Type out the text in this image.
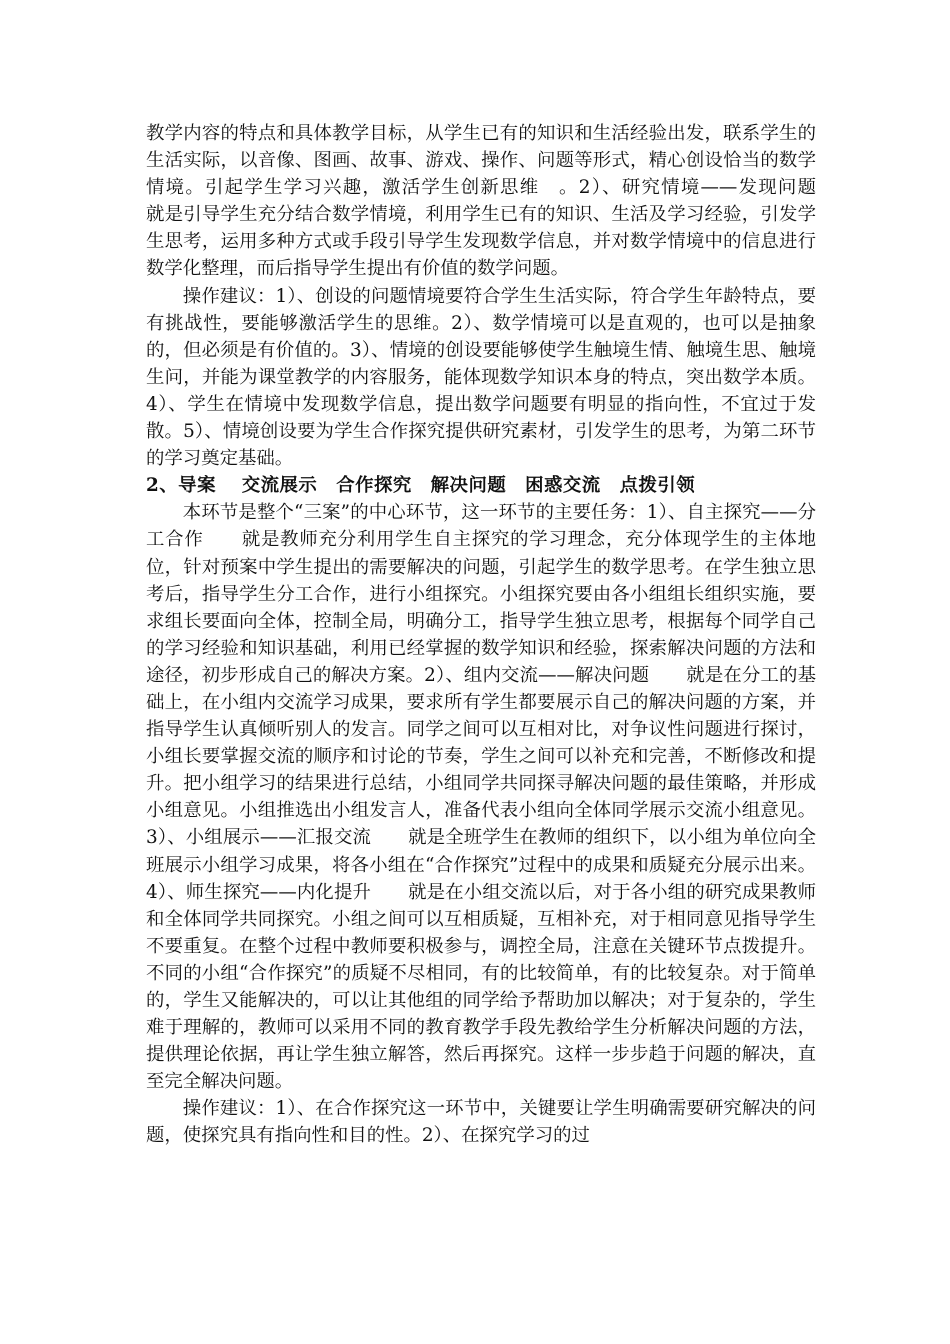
教学内容的特点和具体教学目标，从学生已有的知识和生活经验出发，联系学生的生活实际，以音像、图画、故事、游戏、操作、问题等形式，精心创设恰当的数学情境。引起学生学习兴趣，激活学生创新思维　。2）、研究情境——发现问题　　就是引导学生充分结合数学情境，利用学生已有的知识、生活及学习经验，引发学生思考，运用多种方式或手段引导学生发现数学信息，并对数学情境中的信息进行数学化整理，而后指导学生提出有价值的数学问题。

操作建议：1）、创设的问题情境要符合学生生活实际，符合学生年龄特点，要有挑战性，要能够激活学生的思维。2）、数学情境可以是直观的，也可以是抽象的，但必须是有价值的。3）、情境的创设要能够使学生触境生情、触境生思、触境生问，并能为课堂教学的内容服务，能体现数学知识本身的特点，突出数学本质。4）、学生在情境中发现数学信息，提出数学问题要有明显的指向性，不宜过于发散。5）、情境创设要为学生合作探究提供研究素材，引发学生的思考，为第二环节的学习奠定基础。

2、导案　 交流展示　合作探究　解决问题　困惑交流　点拨引领

本环节是整个“三案”的中心环节，这一环节的主要任务：1）、自主探究——分工合作　　就是教师充分利用学生自主探究的学习理念，充分体现学生的主体地位，针对预案中学生提出的需要解决的问题，引起学生的数学思考。在学生独立思考后，指导学生分工合作，进行小组探究。小组探究要由各小组组长组织实施，要求组长要面向全体，控制全局，明确分工，指导学生独立思考，根据每个同学自己的学习经验和知识基础，利用已经掌握的数学知识和经验，探索解决问题的方法和途径，初步形成自己的解决方案。2）、组内交流——解决问题　　就是在分工的基础上，在小组内交流学习成果，要求所有学生都要展示自己的解决问题的方案，并指导学生认真倾听别人的发言。同学之间可以互相对比，对争议性问题进行探讨，小组长要掌握交流的顺序和讨论的节奏，学生之间可以补充和完善，不断修改和提升。把小组学习的结果进行总结，小组同学共同探寻解决问题的最佳策略，并形成小组意见。小组推选出小组发言人，准备代表小组向全体同学展示交流小组意见。3）、小组展示——汇报交流　　就是全班学生在教师的组织下，以小组为单位向全班展示小组学习成果，将各小组在“合作探究”过程中的成果和质疑充分展示出来。4）、师生探究——内化提升　　就是在小组交流以后，对于各小组的研究成果教师和全体同学共同探究。小组之间可以互相质疑，互相补充，对于相同意见指导学生不要重复。在整个过程中教师要积极参与，调控全局，注意在关键环节点拨提升。不同的小组“合作探究”的质疑不尽相同，有的比较简单，有的比较复杂。对于简单的，学生又能解决的，可以让其他组的同学给予帮助加以解决；对于复杂的，学生难于理解的，教师可以采用不同的教育教学手段先教给学生分析解决问题的方法，提供理论依据，再让学生独立解答，然后再探究。这样一步步趋于问题的解决，直至完全解决问题。

操作建议：1）、在合作探究这一环节中，关键要让学生明确需要研究解决的问题，使探究具有指向性和目的性。2）、在探究学习的过
